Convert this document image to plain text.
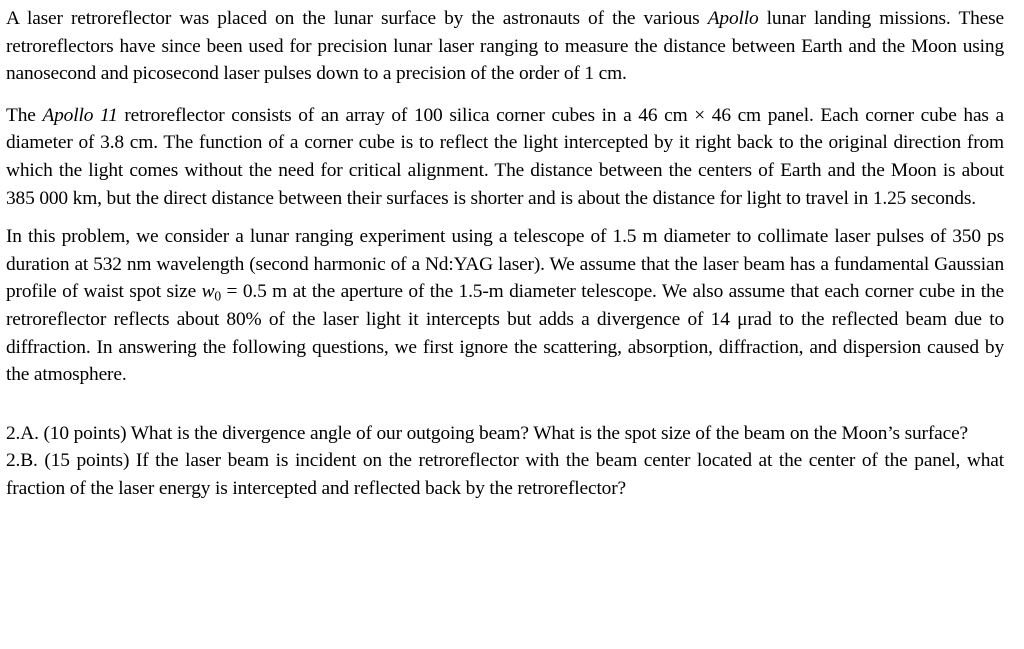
A laser retroreflector was placed on the lunar surface by the astronauts of the various Apollo lunar landing missions. These retroreflectors have since been used for precision lunar laser ranging to measure the distance between Earth and the Moon using nanosecond and picosecond laser pulses down to a precision of the order of 1 cm.

The Apollo 11 retroreflector consists of an array of 100 silica corner cubes in a 46 cm × 46 cm panel. Each corner cube has a diameter of 3.8 cm. The function of a corner cube is to reflect the light intercepted by it right back to the original direction from which the light comes without the need for critical alignment. The distance between the centers of Earth and the Moon is about 385 000 km, but the direct distance between their surfaces is shorter and is about the distance for light to travel in 1.25 seconds.

In this problem, we consider a lunar ranging experiment using a telescope of 1.5 m diameter to collimate laser pulses of 350 ps duration at 532 nm wavelength (second harmonic of a Nd:YAG laser). We assume that the laser beam has a fundamental Gaussian profile of waist spot size $w_0 = 0.5$ m at the aperture of the 1.5-m diameter telescope. We also assume that each corner cube in the retroreflector reflects about 80% of the laser light it intercepts but adds a divergence of 14 μrad to the reflected beam due to diffraction. In answering the following questions, we first ignore the scattering, absorption, diffraction, and dispersion caused by the atmosphere.

2.A. (10 points) What is the divergence angle of our outgoing beam? What is the spot size of the beam on the Moon’s surface?

2.B. (15 points) If the laser beam is incident on the retroreflector with the beam center located at the center of the panel, what fraction of the laser energy is intercepted and reflected back by the retroreflector?
